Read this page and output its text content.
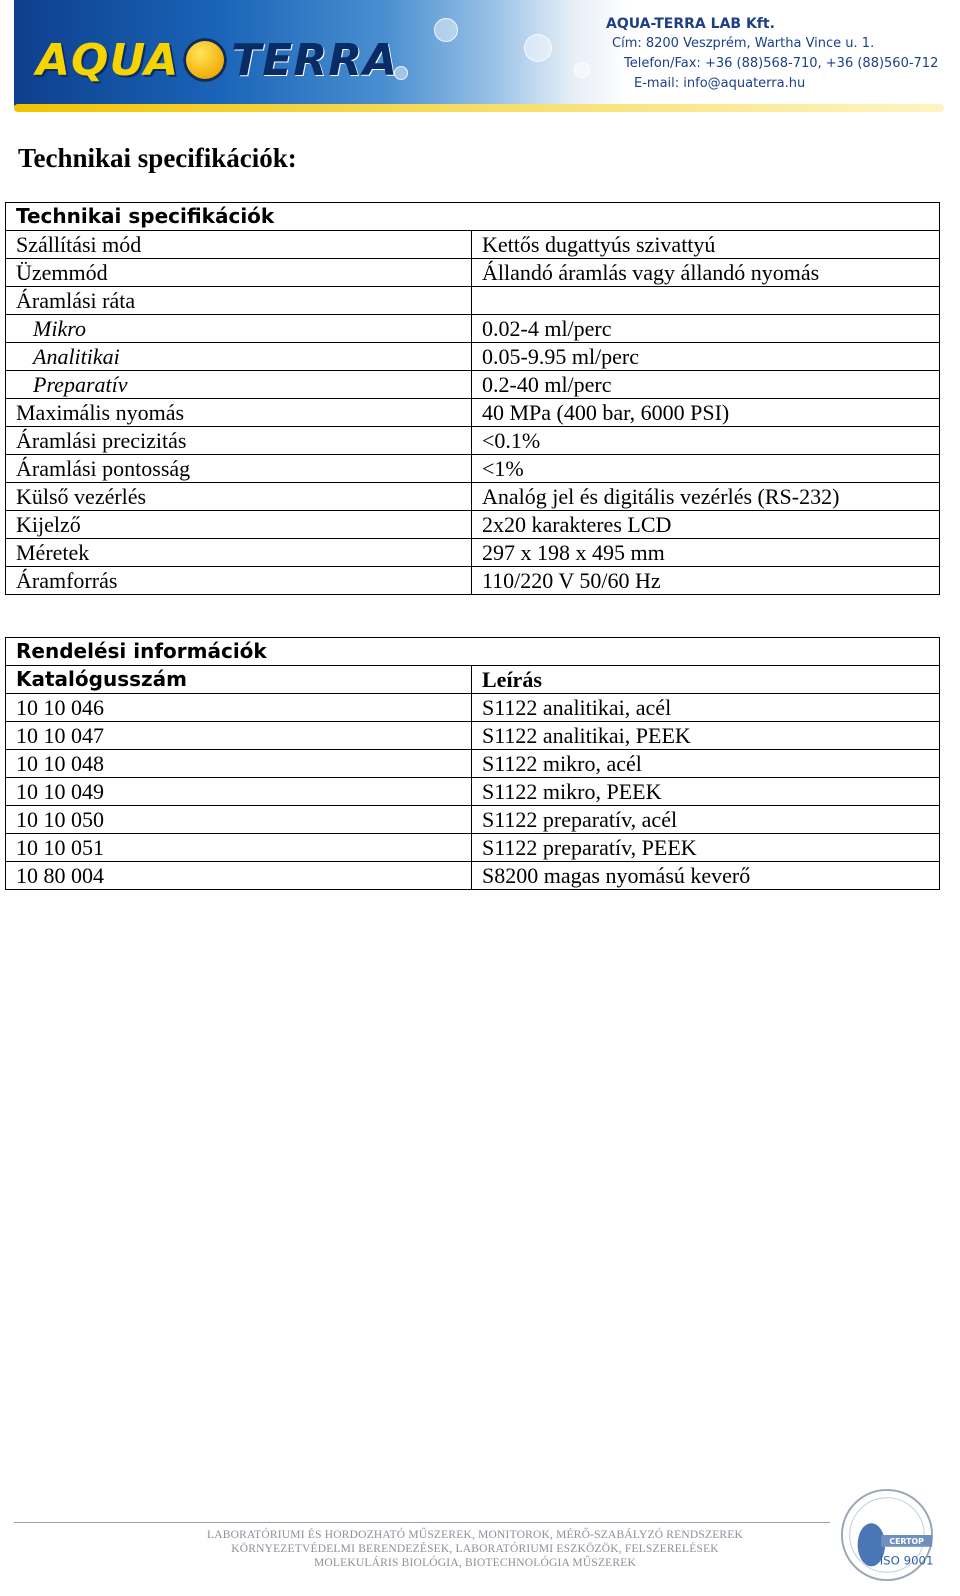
AQUA TERRA
AQUA-TERRA LAB Kft.
Cím: 8200 Veszprém, Wartha Vince u. 1.
Telefon/Fax: +36 (88)568-710, +36 (88)560-712
E-mail: info@aquaterra.hu
Technikai specifikációk:
Technikai specifikációk	
Szállítási mód	Kettős dugattyús szivattyú
Üzemmód	Állandó áramlás vagy állandó nyomás
Áramlási ráta	
Mikro	0.02-4 ml/perc
Analitikai	0.05-9.95 ml/perc
Preparatív	0.2-40 ml/perc
Maximális nyomás	40 MPa (400 bar, 6000 PSI)
Áramlási precizitás	<0.1%
Áramlási pontosság	<1%
Külső vezérlés	Analóg jel és digitális vezérlés (RS-232)
Kijelző	2x20 karakteres LCD
Méretek	297 x 198 x 495 mm
Áramforrás	110/220 V 50/60 Hz
Rendelési információk	
Katalógusszám	Leírás
10 10 046	S1122 analitikai, acél
10 10 047	S1122 analitikai, PEEK
10 10 048	S1122 mikro, acél
10 10 049	S1122 mikro, PEEK
10 10 050	S1122 preparatív, acél
10 10 051	S1122 preparatív, PEEK
10 80 004	S8200 magas nyomású keverő
LABORATÓRIUMI ÉS HORDOZHATÓ MŰSZEREK, MONITOROK, MÉRŐ-SZABÁLYZÓ RENDSZEREK
KÖRNYEZETVÉDELMI BERENDEZÉSEK, LABORATÓRIUMI ESZKÖZÖK, FELSZERELÉSEK
MOLEKULÁRIS BIOLÓGIA, BIOTECHNOLÓGIA MŰSZEREK
CERTOP
ISO 9001
